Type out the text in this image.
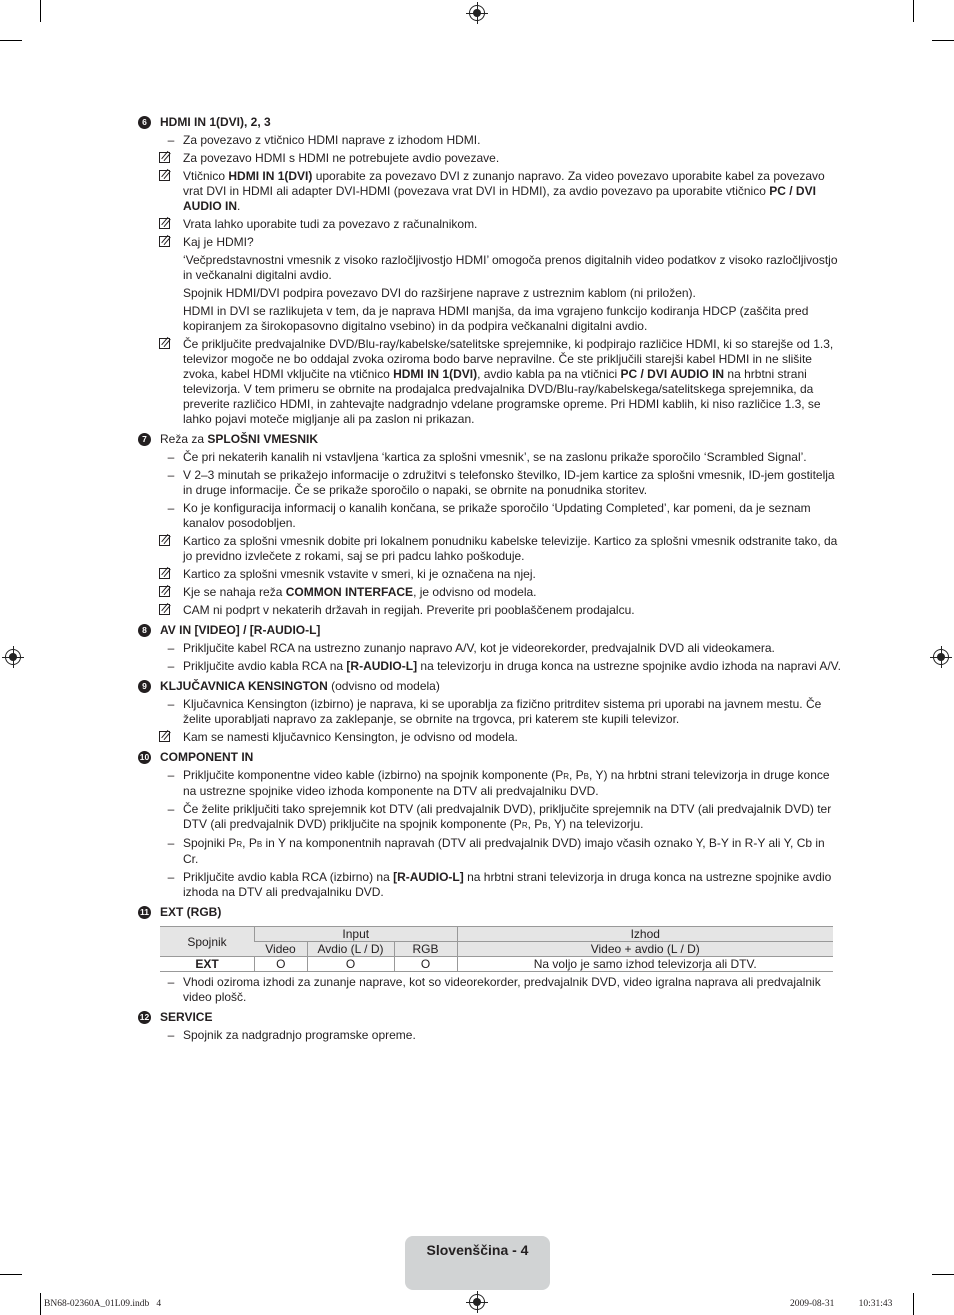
6	HDMI IN 1(DVI), 2, 3
– Za povezavo z vtičnico HDMI naprave z izhodom HDMI.
Za povezavo HDMI s HDMI ne potrebujete avdio povezave.
Vtičnico HDMI IN 1(DVI) uporabite za povezavo DVI z zunanjo napravo. Za video povezavo uporabite kabel za povezavo vrat DVI in HDMI ali adapter DVI-HDMI (povezava vrat DVI in HDMI), za avdio povezavo pa uporabite vtičnico PC / DVI AUDIO IN.
Vrata lahko uporabite tudi za povezavo z računalnikom.
Kaj je HDMI?
‘Večpredstavnostni vmesnik z visoko razločljivostjo HDMI’ omogoča prenos digitalnih video podatkov z visoko razločljivostjo in večkanalni digitalni avdio.
Spojnik HDMI/DVI podpira povezavo DVI do razširjene naprave z ustreznim kablom (ni priložen).
HDMI in DVI se razlikujeta v tem, da je naprava HDMI manjša, da ima vgrajeno funkcijo kodiranja HDCP (zaščita pred kopiranjem za širokopasovno digitalno vsebino) in da podpira večkanalni digitalni avdio.
Če priključite predvajalnike DVD/Blu-ray/kabelske/satelitske sprejemnike, ki podpirajo različice HDMI, ki so starejše od 1.3, televizor mogoče ne bo oddajal zvoka oziroma bodo barve nepravilne. Če ste priključili starejši kabel HDMI in ne slišite zvoka, kabel HDMI vključite na vtičnico HDMI IN 1(DVI), avdio kabla pa na vtičnici PC / DVI AUDIO IN na hrbtni strani televizorja. V tem primeru se obrnite na prodajalca predvajalnika DVD/Blu-ray/kabelskega/satelitskega sprejemnika, da preverite različico HDMI, in zahtevajte nadgradnjo vdelane programske opreme. Pri HDMI kablih, ki niso različice 1.3, se lahko pojavi moteče migljanje ali pa zaslon ni prikazan.
7	Reža za SPLOŠNI VMESNIK
– Če pri nekaterih kanalih ni vstavljena ‘kartica za splošni vmesnik’, se na zaslonu prikaže sporočilo ‘Scrambled Signal’.
– V 2–3 minutah se prikažejo informacije o združitvi s telefonsko številko, ID-jem kartice za splošni vmesnik, ID-jem gostitelja in druge informacije. Če se prikaže sporočilo o napaki, se obrnite na ponudnika storitev.
– Ko je konfiguracija informacij o kanalih končana, se prikaže sporočilo ‘Updating Completed’, kar pomeni, da je seznam kanalov posodobljen.
Kartico za splošni vmesnik dobite pri lokalnem ponudniku kabelske televizije. Kartico za splošni vmesnik odstranite tako, da jo previdno izvlečete z rokami, saj se pri padcu lahko poškoduje.
Kartico za splošni vmesnik vstavite v smeri, ki je označena na njej.
Kje se nahaja reža COMMON INTERFACE, je odvisno od modela.
CAM ni podprt v nekaterih državah in regijah. Preverite pri pooblaščenem prodajalcu.
8	AV IN [VIDEO] / [R-AUDIO-L]
– Priključite kabel RCA na ustrezno zunanjo napravo A/V, kot je videorekorder, predvajalnik DVD ali videokamera.
– Priključite avdio kabla RCA na [R-AUDIO-L] na televizorju in druga konca na ustrezne spojnike avdio izhoda na napravi A/V.
9	KLJUČAVNICA KENSINGTON (odvisno od modela)
– Ključavnica Kensington (izbirno) je naprava, ki se uporablja za fizično pritrditev sistema pri uporabi na javnem mestu. Če želite uporabljati napravo za zaklepanje, se obrnite na trgovca, pri katerem ste kupili televizor.
Kam se namesti ključavnico Kensington, je odvisno od modela.
10 COMPONENT IN
– Priključite komponentne video kable (izbirno) na spojnik komponente (PR, PB, Y) na hrbtni strani televizorja in druge konce na ustrezne spojnike video izhoda komponente na DTV ali predvajalniku DVD.
– Če želite priključiti tako sprejemnik kot DTV (ali predvajalnik DVD), priključite sprejemnik na DTV (ali predvajalnik DVD) ter DTV (ali predvajalnik DVD) priključite na spojnik komponente (PR, PB, Y) na televizorju.
– Spojniki PR, PB in Y na komponentnih napravah (DTV ali predvajalnik DVD) imajo včasih oznako Y, B-Y in R-Y ali Y, Cb in Cr.
– Priključite avdio kabla RCA (izbirno) na [R-AUDIO-L] na hrbtni strani televizorja in druga konca na ustrezne spojnike avdio izhoda na DTV ali predvajalniku DVD.
11 EXT (RGB)
Spojnik	Input			Izhod
	Video	Avdio (L / D)	RGB	Video + avdio (L / D)
EXT	O	O	O	Na voljo je samo izhod televizorja ali DTV.
– Vhodi oziroma izhodi za zunanje naprave, kot so videorekorder, predvajalnik DVD, video igralna naprava ali predvajalnik video plošč.
12 SERVICE
– Spojnik za nadgradnjo programske opreme.
Slovenščina - 4
BN68-02360A_01L09.indb   4	2009-08-31   ￿￿ 10:31:43
